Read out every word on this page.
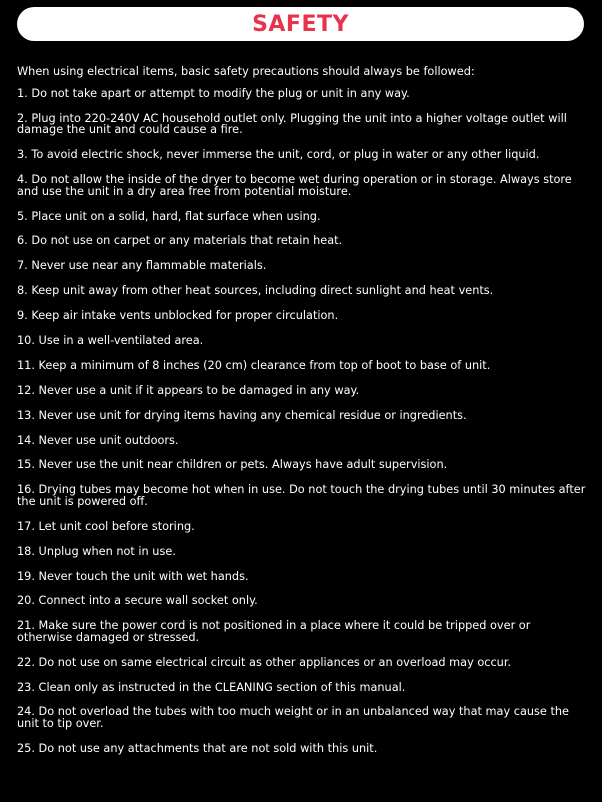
SAFETY

When using electrical items, basic safety precautions should always be followed:

1. Do not take apart or attempt to modify the plug or unit in any way.
2. Plug into 220-240V AC household outlet only. Plugging the unit into a higher voltage outlet will damage the unit and could cause a fire.
3. To avoid electric shock, never immerse the unit, cord, or plug in water or any other liquid.
4. Do not allow the inside of the dryer to become wet during operation or in storage. Always store and use the unit in a dry area free from potential moisture.
5. Place unit on a solid, hard, flat surface when using.
6. Do not use on carpet or any materials that retain heat.
7. Never use near any flammable materials.
8. Keep unit away from other heat sources, including direct sunlight and heat vents.
9. Keep air intake vents unblocked for proper circulation.
10. Use in a well-ventilated area.
11. Keep a minimum of 8 inches (20 cm) clearance from top of boot to base of unit.
12. Never use a unit if it appears to be damaged in any way.
13. Never use unit for drying items having any chemical residue or ingredients.
14. Never use unit outdoors.
15. Never use the unit near children or pets. Always have adult supervision.
16. Drying tubes may become hot when in use. Do not touch the drying tubes until 30 minutes after the unit is powered off.
17. Let unit cool before storing.
18. Unplug when not in use.
19. Never touch the unit with wet hands.
20. Connect into a secure wall socket only.
21. Make sure the power cord is not positioned in a place where it could be tripped over or otherwise damaged or stressed.
22. Do not use on same electrical circuit as other appliances or an overload may occur.
23. Clean only as instructed in the CLEANING section of this manual.
24. Do not overload the tubes with too much weight or in an unbalanced way that may cause the unit to tip over.
25. Do not use any attachments that are not sold with this unit.
